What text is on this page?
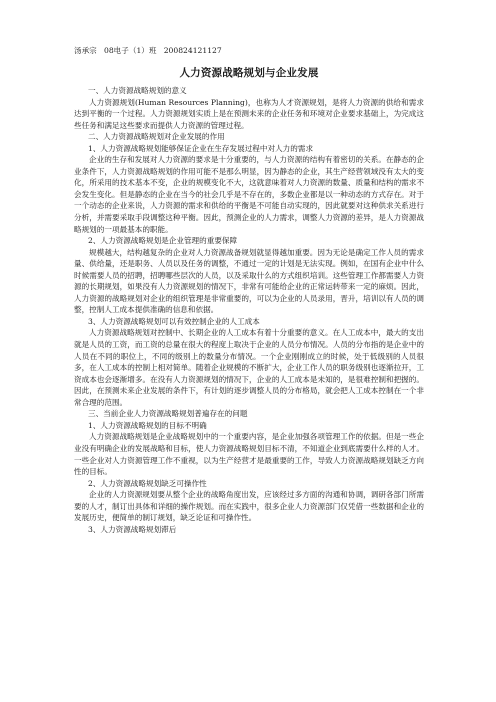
汤承宗   08电子（1）班   200824121127
人力资源战略规划与企业发展

一、人力资源战略规划的意义

人力资源规划(Human Resources Planning)，也称为人才资源规划，是将人力资源的供给和需求达到平衡的一个过程。人力资源规划实质上是在预测未来的企业任务和环境对企业要求基础上，为完成这些任务和满足这些要求而提供人力资源的管理过程。

二、人力资源战略规划对企业发展的作用

1、人力资源战略规划能够保证企业在生存发展过程中对人力的需求

企业的生存和发展对人力资源的要求是十分重要的，与人力资源的结构有着密切的关系。在静态的企业条件下，人力资源战略规划的作用可能不是那么明显，因为静态的企业，其生产经营领域没有太大的变化，所采用的技术基本不变，企业的规模变化不大，这就意味着对人力资源的数量、质量和结构的需求不会发生变化。但是静态的企业在当今的社会几乎是不存在的，多数企业都是以一种动态的方式存在。对于一个动态的企业来说，人力资源的需求和供给的平衡是不可能自动实现的，因此就要对这种供求关系进行分析，并需要采取手段调整这种平衡。因此，预测企业的人力需求，调整人力资源的差异，是人力资源战略规划的一项最基本的职能。

2、人力资源战略规划是企业管理的重要保障

规模越大，结构越复杂的企业对人力资源战备规划就显得越加重要。因为无论是确定工作人员的需求量、供给量，还是职务、人员以及任务的调整，不通过一定的计划是无法实现。例如，在国有企业中什么时候需要人员的招聘，招聘哪些层次的人员，以及采取什么的方式组织培训。这些管理工作都需要人力资源的长期规划，如果没有人力资源规划的情况下，非常有可能给企业的正常运转带来一定的麻烦。因此，人力资源的战略规划对企业的组织管理是非常重要的，可以为企业的人员录用，晋升，培训以有人员的调整，控制人工成本提供准确的信息和依据。

3、人力资源战略规划可以有效控制企业的人工成本

人力资源战略规划对控制中、长期企业的人工成本有着十分重要的意义。在人工成本中，最大的支出就是人员的工资，而工资的总量在很大的程度上取决于企业的人员分布情况。人员的分布指的是企业中的人员在不同的职位上，不同的级别上的数量分布情况。一个企业刚刚成立的时候，处于低级别的人员很多，在人工成本的控制上相对简单。随着企业规模的不断扩大，企业工作人员的职务级别也逐渐拉开，工资成本也会逐渐增多。在没有人力资源规划的情况下，企业的人工成本是未知的，是很难控制和把握的。因此，在预测未来企业发展的条件下，有计划的逐步调整人员的分布格局，就会把人工成本控制在一个非常合理的范围。

三、当前企业人力资源战略规划普遍存在的问题

1、人力资源战略规划的目标不明确

人力资源战略规划是企业战略规划中的一个重要内容，是企业加强各项管理工作的依据。但是一些企业没有明确企业的发展战略和目标，使人力资源战略规划目标不清，不知道企业到底需要什么样的人才。一些企业对人力资源管理工作不重视，以为生产经营才是最重要的工作，导致人力资源战略规划缺乏方向性的目标。

2、人力资源战略规划缺乏可操作性

企业的人力资源规划要从整个企业的战略角度出发，应该经过多方面的沟通和协调，调研各部门所需要的人才，制订出具体和详细的操作规划。而在实践中，很多企业人力资源部门仅凭借一些数据和企业的发展历史，便简单的制订规划，缺乏论证和可操作性。

3、人力资源战略规划滞后
